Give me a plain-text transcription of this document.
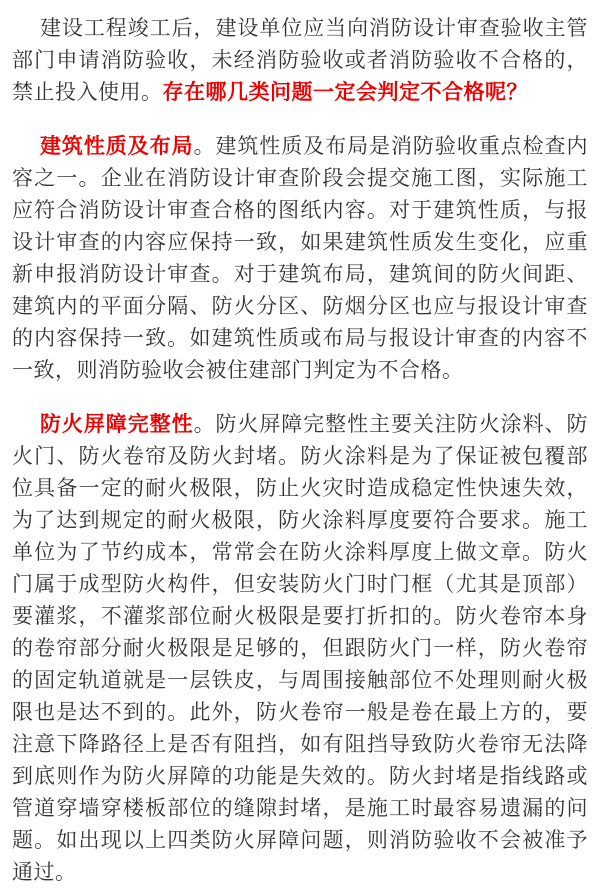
建设工程竣工后，建设单位应当向消防设计审查验收主管部门申请消防验收，未经消防验收或者消防验收不合格的，禁止投入使用。存在哪几类问题一定会判定不合格呢？

建筑性质及布局。建筑性质及布局是消防验收重点检查内容之一。企业在消防设计审查阶段会提交施工图，实际施工应符合消防设计审查合格的图纸内容。对于建筑性质，与报设计审查的内容应保持一致，如果建筑性质发生变化，应重新申报消防设计审查。对于建筑布局，建筑间的防火间距、建筑内的平面分隔、防火分区、防烟分区也应与报设计审查的内容保持一致。如建筑性质或布局与报设计审查的内容不一致，则消防验收会被住建部门判定为不合格。

防火屏障完整性。防火屏障完整性主要关注防火涂料、防火门、防火卷帘及防火封堵。防火涂料是为了保证被包覆部位具备一定的耐火极限，防止火灾时造成稳定性快速失效，为了达到规定的耐火极限，防火涂料厚度要符合要求。施工单位为了节约成本，常常会在防火涂料厚度上做文章。防火门属于成型防火构件，但安装防火门时门框（尤其是顶部）要灌浆，不灌浆部位耐火极限是要打折扣的。防火卷帘本身的卷帘部分耐火极限是足够的，但跟防火门一样，防火卷帘的固定轨道就是一层铁皮，与周围接触部位不处理则耐火极限也是达不到的。此外，防火卷帘一般是卷在最上方的，要注意下降路径上是否有阻挡，如有阻挡导致防火卷帘无法降到底则作为防火屏障的功能是失效的。防火封堵是指线路或管道穿墙穿楼板部位的缝隙封堵，是施工时最容易遗漏的问题。如出现以上四类防火屏障问题，则消防验收不会被准予通过。
